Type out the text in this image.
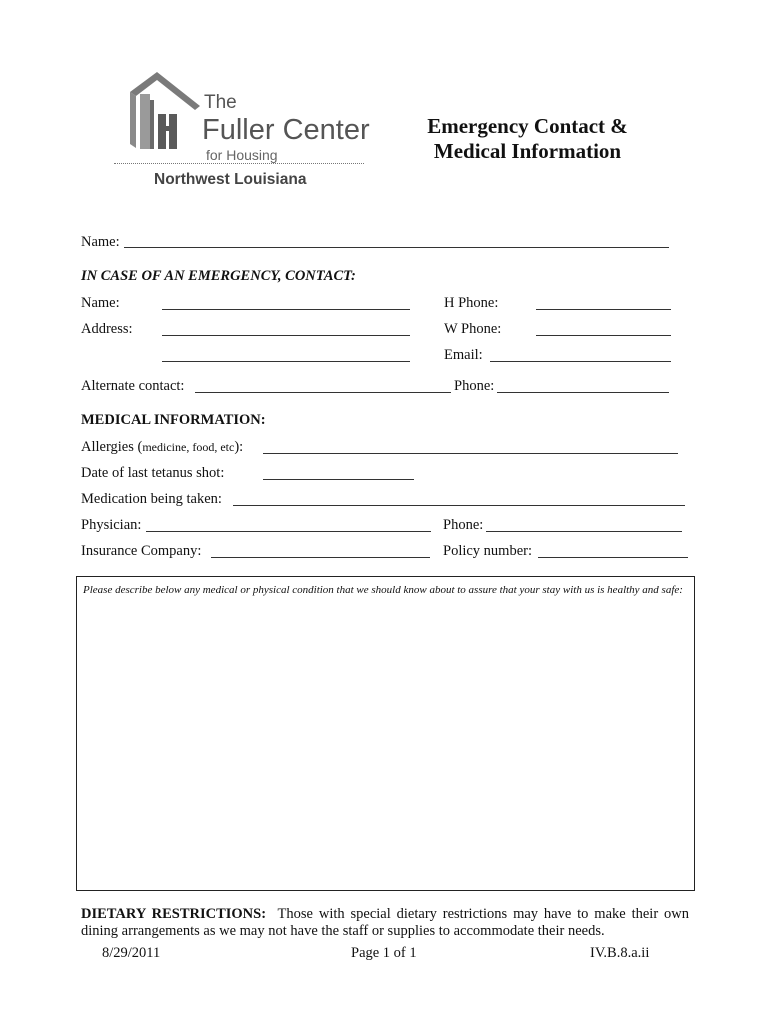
The
Fuller Center
for Housing
Northwest Louisiana
Emergency Contact &
Medical Information
Name:
IN CASE OF AN EMERGENCY, CONTACT:
Name:	H Phone:
Address:	W Phone:
Email:
Alternate contact:	Phone:
MEDICAL INFORMATION:
Allergies (medicine, food, etc):
Date of last tetanus shot:
Medication being taken:
Physician:	Phone:
Insurance Company:	Policy number:
Please describe below any medical or physical condition that we should know about to assure that your stay with us is healthy and safe:
DIETARY RESTRICTIONS: Those with special dietary restrictions may have to make their own dining arrangements as we may not have the staff or supplies to accommodate their needs.
8/29/2011	Page 1 of 1	IV.B.8.a.ii
